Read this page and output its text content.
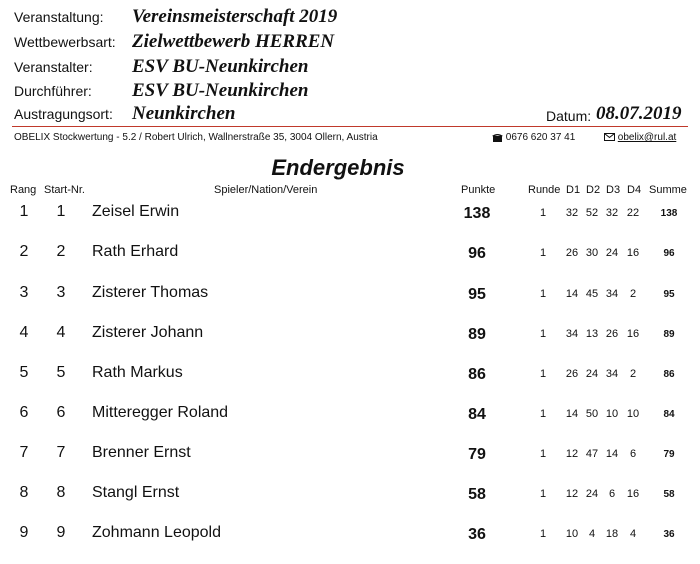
Veranstaltung: Vereinsmeisterschaft 2019
Wettbewerbsart: Zielwettbewerb HERREN
Veranstalter: ESV BU-Neunkirchen
Durchführer: ESV BU-Neunkirchen
Austragungsort: Neunkirchen	Datum: 08.07.2019
OBELIX Stockwertung - 5.2 / Robert Ulrich, Wallnerstraße 35, 3004 Ollern, Austria	0676 620 37 41	obelix@rul.at
Endergebnis
Rang Start-Nr.	Spieler/Nation/Verein	Punkte	Runde D1 D2 D3 D4 Summe
1	1	Zeisel Erwin	138	1	32 52 32 22	138
2	2	Rath Erhard	96	1	26 30 24 16	96
3	3	Zisterer Thomas	95	1	14 45 34	2	95
4	4	Zisterer Johann	89	1	34 13 26 16	89
5	5	Rath Markus	86	1	26 24 34	2	86
6	6	Mitteregger Roland	84	1	14 50 10 10	84
7	7	Brenner Ernst	79	1	12 47 14	6	79
8	8	Stangl Ernst	58	1	12 24 6	16	58
9	9	Zohmann Leopold	36	1	10 4 18	4	36
